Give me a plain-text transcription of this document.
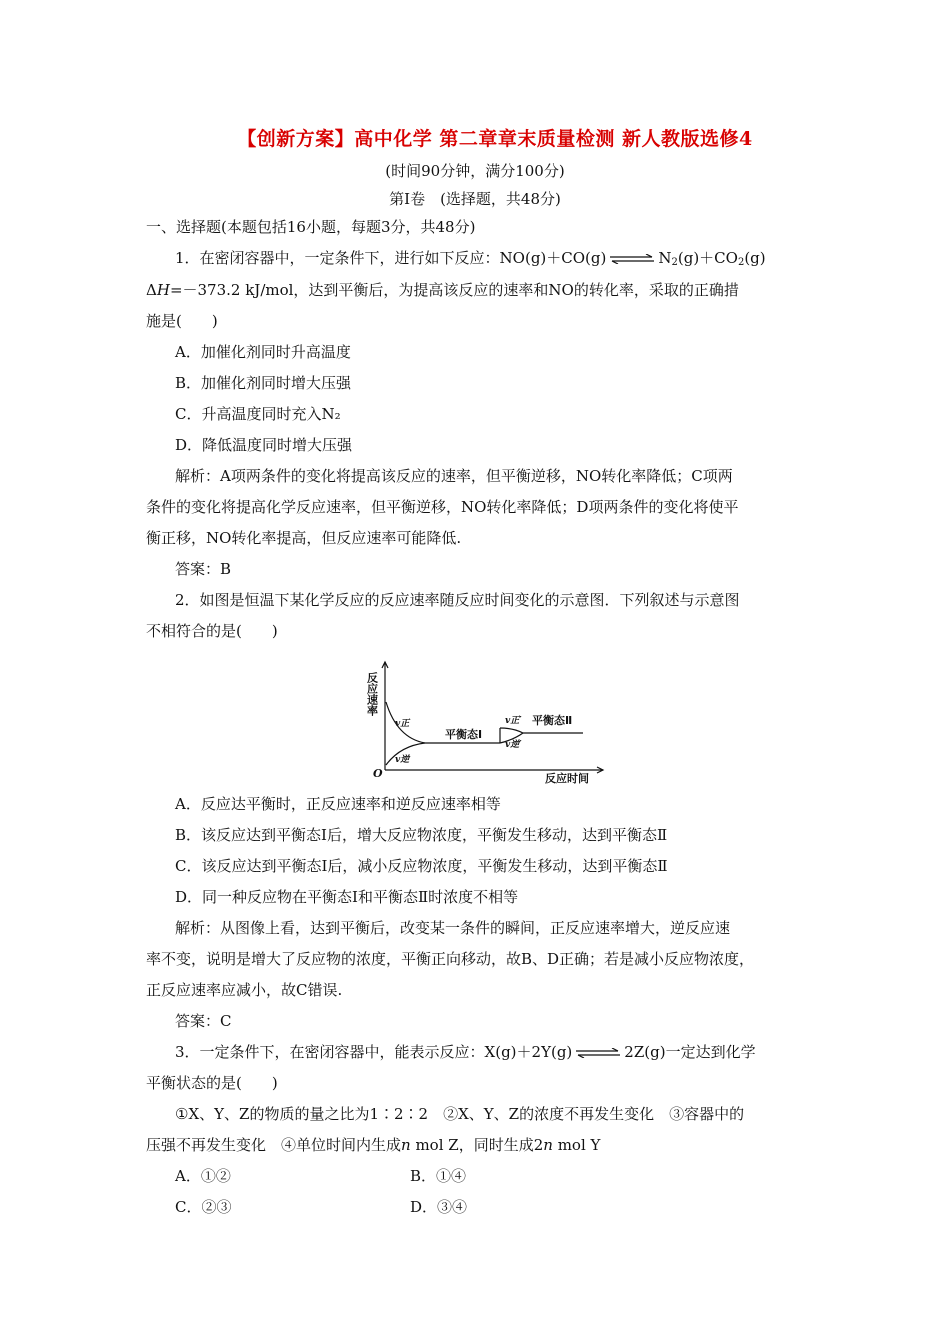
【创新方案】高中化学 第二章章末质量检测 新人教版选修4
(时间90分钟，满分100分)
第Ⅰ卷　(选择题，共48分)
一、选择题(本题包括16小题，每题3分，共48分)
1．在密闭容器中，一定条件下，进行如下反应：NO(g)＋CO(g) ⇌ $N_2(g)+CO_2(g)$
ΔH=－373.2 kJ/mol，达到平衡后，为提高该反应的速率和NO的转化率，采取的正确措
施是(　　)
A．加催化剂同时升高温度
B．加催化剂同时增大压强
C．升高温度同时充入N₂
D．降低温度同时增大压强
解析：A项两条件的变化将提高该反应的速率，但平衡逆移，NO转化率降低；C项两
条件的变化将提高化学反应速率，但平衡逆移，NO转化率降低；D项两条件的变化将使平
衡正移，NO转化率提高，但反应速率可能降低.
答案：B
2．如图是恒温下某化学反应的反应速率随反应时间变化的示意图．下列叙述与示意图
不相符合的是(　　)
反应速率
反应时间
O
v正
v逆
平衡态Ⅰ
v正′ 平衡态Ⅱ
v逆′
A．反应达平衡时，正反应速率和逆反应速率相等
B．该反应达到平衡态Ⅰ后，增大反应物浓度，平衡发生移动，达到平衡态Ⅱ
C．该反应达到平衡态Ⅰ后，减小反应物浓度，平衡发生移动，达到平衡态Ⅱ
D．同一种反应物在平衡态Ⅰ和平衡态Ⅱ时浓度不相等
解析：从图像上看，达到平衡后，改变某一条件的瞬间，正反应速率增大，逆反应速
率不变，说明是增大了反应物的浓度，平衡正向移动，故B、D正确；若是减小反应物浓度，
正反应速率应减小，故C错误.
答案：C
3．一定条件下，在密闭容器中，能表示反应：X(g)＋2Y(g) ⇌ 2Z(g)一定达到化学
平衡状态的是(　　)
①X、Y、Z的物质的量之比为1∶2∶2　②X、Y、Z的浓度不再发生变化　③容器中的
压强不再发生变化　④单位时间内生成n mol Z，同时生成2n mol Y
A．①②	B．①④
C．②③	D．③④
